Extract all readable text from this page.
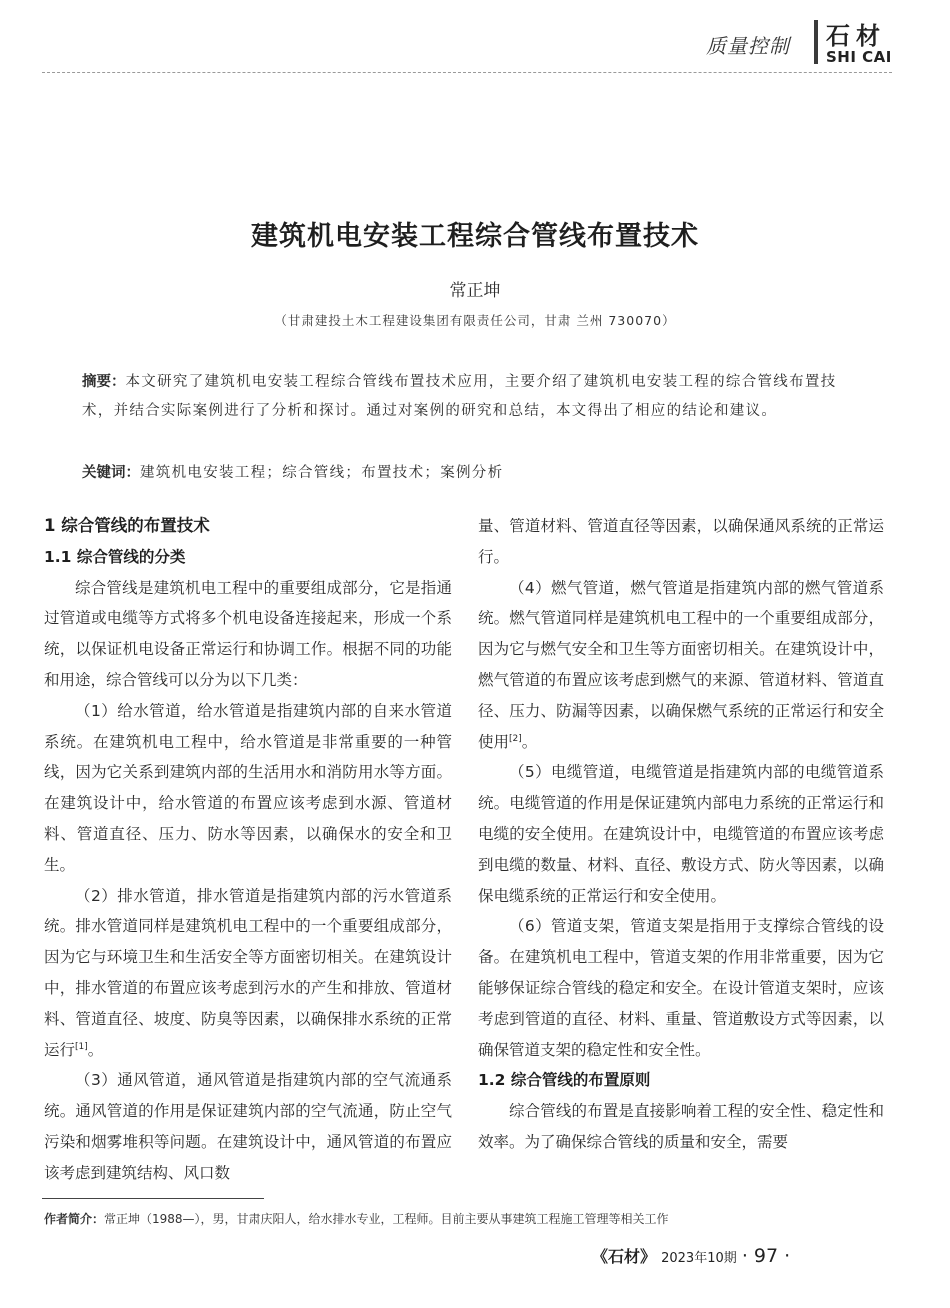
质量控制 石材
SHI CAI
建筑机电安装工程综合管线布置技术
常正坤
（甘肃建投土木工程建设集团有限责任公司，甘肃 兰州 730070）
摘要：本文研究了建筑机电安装工程综合管线布置技术应用，主要介绍了建筑机电安装工程的综合管线布置技术，并结合实际案例进行了分析和探讨。通过对案例的研究和总结，本文得出了相应的结论和建议。
关键词：建筑机电安装工程；综合管线；布置技术；案例分析
1 综合管线的布置技术
1.1 综合管线的分类

综合管线是建筑机电工程中的重要组成部分，它是指通过管道或电缆等方式将多个机电设备连接起来，形成一个系统，以保证机电设备正常运行和协调工作。根据不同的功能和用途，综合管线可以分为以下几类：

（1）给水管道，给水管道是指建筑内部的自来水管道系统。在建筑机电工程中，给水管道是非常重要的一种管线，因为它关系到建筑内部的生活用水和消防用水等方面。在建筑设计中，给水管道的布置应该考虑到水源、管道材料、管道直径、压力、防水等因素，以确保水的安全和卫生。

（2）排水管道，排水管道是指建筑内部的污水管道系统。排水管道同样是建筑机电工程中的一个重要组成部分，因为它与环境卫生和生活安全等方面密切相关。在建筑设计中，排水管道的布置应该考虑到污水的产生和排放、管道材料、管道直径、坡度、防臭等因素，以确保排水系统的正常运行[1]。

（3）通风管道，通风管道是指建筑内部的空气流通系统。通风管道的作用是保证建筑内部的空气流通，防止空气污染和烟雾堆积等问题。在建筑设计中，通风管道的布置应该考虑到建筑结构、风口数

量、管道材料、管道直径等因素，以确保通风系统的正常运行。

（4）燃气管道，燃气管道是指建筑内部的燃气管道系统。燃气管道同样是建筑机电工程中的一个重要组成部分，因为它与燃气安全和卫生等方面密切相关。在建筑设计中，燃气管道的布置应该考虑到燃气的来源、管道材料、管道直径、压力、防漏等因素，以确保燃气系统的正常运行和安全使用[2]。

（5）电缆管道，电缆管道是指建筑内部的电缆管道系统。电缆管道的作用是保证建筑内部电力系统的正常运行和电缆的安全使用。在建筑设计中，电缆管道的布置应该考虑到电缆的数量、材料、直径、敷设方式、防火等因素，以确保电缆系统的正常运行和安全使用。

（6）管道支架，管道支架是指用于支撑综合管线的设备。在建筑机电工程中，管道支架的作用非常重要，因为它能够保证综合管线的稳定和安全。在设计管道支架时，应该考虑到管道的直径、材料、重量、管道敷设方式等因素，以确保管道支架的稳定性和安全性。

1.2 综合管线的布置原则

综合管线的布置是直接影响着工程的安全性、稳定性和效率。为了确保综合管线的质量和安全，需要

作者简介：常正坤（1988—），男，甘肃庆阳人，给水排水专业，工程师。目前主要从事建筑工程施工管理等相关工作
《石材》 2023年10期 · 97 ·
